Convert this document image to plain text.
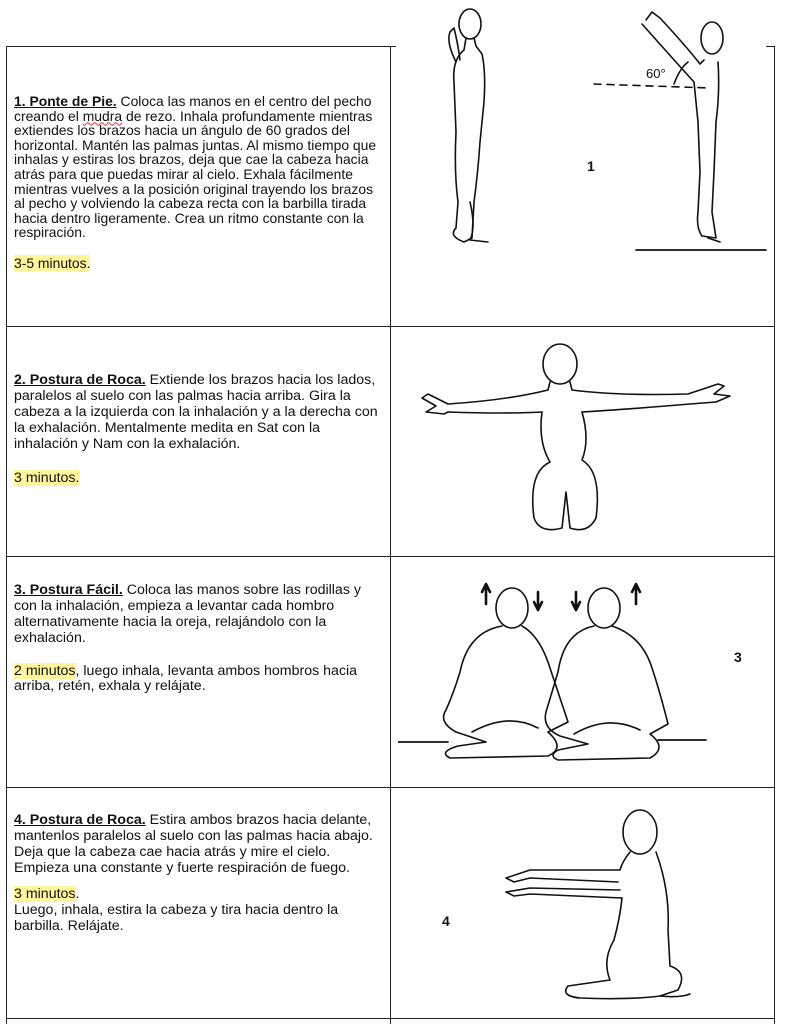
1. Ponte de Pie. Coloca las manos en el centro del pecho creando el mudra de rezo. Inhala profundamente mientras extiendes los brazos hacia un ángulo de 60 grados del horizontal. Mantén las palmas juntas. Al mismo tiempo que inhalas y estiras los brazos, deja que cae la cabeza hacia atrás para que puedas mirar al cielo. Exhala fácilmente mientras vuelves a la posición original trayendo los brazos al pecho y volviendo la cabeza recta con la barbilla tirada hacia dentro ligeramente. Crea un ritmo constante con la respiración.

3-5 minutos.

60°
1

2. Postura de Roca. Extiende los brazos hacia los lados, paralelos al suelo con las palmas hacia arriba. Gira la cabeza a la izquierda con la inhalación y a la derecha con la exhalación. Mentalmente medita en Sat con la inhalación y Nam con la exhalación.

3 minutos.

3. Postura Fácil. Coloca las manos sobre las rodillas y con la inhalación, empieza a levantar cada hombro alternativamente hacia la oreja, relajándolo con la exhalación.

2 minutos, luego inhala, levanta ambos hombros hacia arriba, retén, exhala y relájate.

3

4. Postura de Roca. Estira ambos brazos hacia delante, mantenlos paralelos al suelo con las palmas hacia abajo. Deja que la cabeza cae hacia atrás y mire el cielo. Empieza una constante y fuerte respiración de fuego.

3 minutos.

Luego, inhala, estira la cabeza y tira hacia dentro la barbilla. Relájate.	4
